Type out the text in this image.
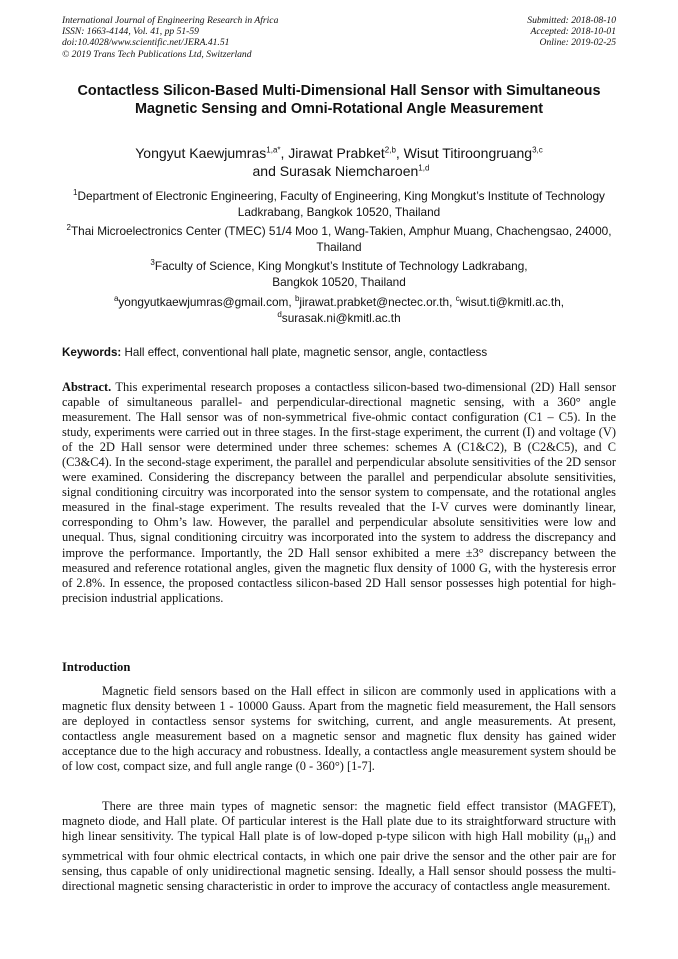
International Journal of Engineering Research in Africa
ISSN: 1663-4144, Vol. 41, pp 51-59
doi:10.4028/www.scientific.net/JERA.41.51
© 2019 Trans Tech Publications Ltd, Switzerland
Submitted: 2018-08-10
Accepted: 2018-10-01
Online: 2019-02-25
Contactless Silicon-Based Multi-Dimensional Hall Sensor with Simultaneous Magnetic Sensing and Omni-Rotational Angle Measurement
Yongyut Kaewjumras$^{1,a*}$, Jirawat Prabket$^{2,b}$, Wisut Titiroongruang$^{3,c}$
and Surasak Niemcharoen$^{1,d}$
$^1$Department of Electronic Engineering, Faculty of Engineering, King Mongkut’s Institute of Technology Ladkrabang, Bangkok 10520, Thailand
$^2$Thai Microelectronics Center (TMEC) 51/4 Moo 1, Wang-Takien, Amphur Muang, Chachengsao, 24000, Thailand
$^3$Faculty of Science, King Mongkut’s Institute of Technology Ladkrabang, Bangkok 10520, Thailand
$^a$yongyutkaewjumras@gmail.com, $^b$jirawat.prabket@nectec.or.th, $^c$wisut.ti@kmitl.ac.th, $^d$surasak.ni@kmitl.ac.th
Keywords: Hall effect, conventional hall plate, magnetic sensor, angle, contactless

Abstract. This experimental research proposes a contactless silicon-based two-dimensional (2D) Hall sensor capable of simultaneous parallel- and perpendicular-directional magnetic sensing, with a 360° angle measurement. The Hall sensor was of non-symmetrical five-ohmic contact configuration (C1 – C5). In the study, experiments were carried out in three stages. In the first-stage experiment, the current (I) and voltage (V) of the 2D Hall sensor were determined under three schemes: schemes A (C1&C2), B (C2&C5), and C (C3&C4). In the second-stage experiment, the parallel and perpendicular absolute sensitivities of the 2D sensor were examined. Considering the discrepancy between the parallel and perpendicular absolute sensitivities, signal conditioning circuitry was incorporated into the sensor system to compensate, and the rotational angles measured in the final-stage experiment. The results revealed that the I-V curves were dominantly linear, corresponding to Ohm’s law. However, the parallel and perpendicular absolute sensitivities were low and unequal. Thus, signal conditioning circuitry was incorporated into the system to address the discrepancy and improve the performance. Importantly, the 2D Hall sensor exhibited a mere ±3° discrepancy between the measured and reference rotational angles, given the magnetic flux density of 1000 G, with the hysteresis error of 2.8%. In essence, the proposed contactless silicon-based 2D Hall sensor possesses high potential for high-precision industrial applications.

Introduction

Magnetic field sensors based on the Hall effect in silicon are commonly used in applications with a magnetic flux density between 1 - 10000 Gauss. Apart from the magnetic field measurement, the Hall sensors are deployed in contactless sensor systems for switching, current, and angle measurements. At present, contactless angle measurement based on a magnetic sensor and magnetic flux density has gained wider acceptance due to the high accuracy and robustness. Ideally, a contactless angle measurement system should be of low cost, compact size, and full angle range (0 - 360°) [1-7].

There are three main types of magnetic sensor: the magnetic field effect transistor (MAGFET), magneto diode, and Hall plate. Of particular interest is the Hall plate due to its straightforward structure with high linear sensitivity. The typical Hall plate is of low-doped p-type silicon with high Hall mobility $(\mu_H)$ and symmetrical with four ohmic electrical contacts, in which one pair drive the sensor and the other pair are for sensing, thus capable of only unidirectional magnetic sensing. Ideally, a Hall sensor should possess the multi-directional magnetic sensing characteristic in order to improve the accuracy of contactless angle measurement.
